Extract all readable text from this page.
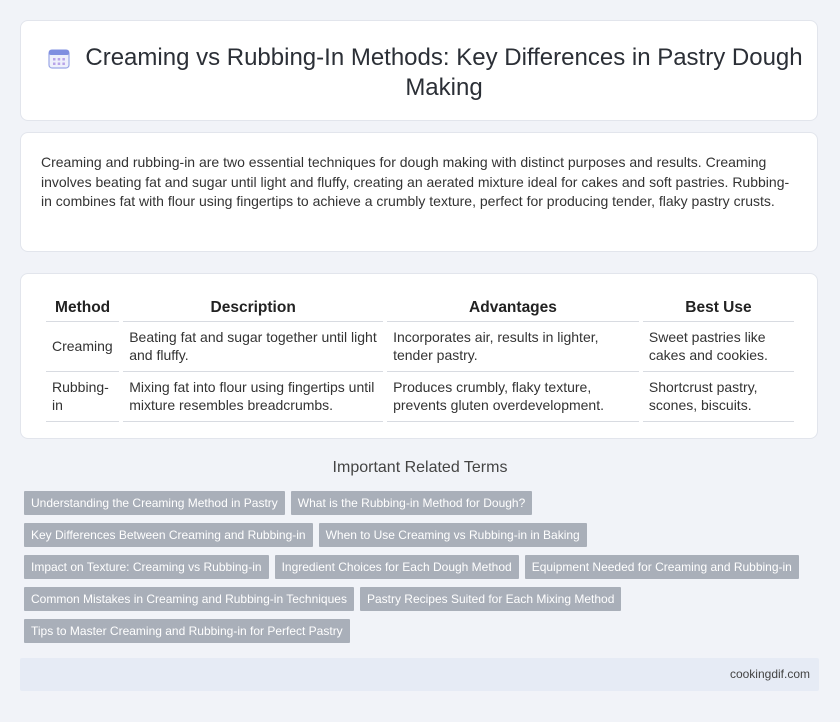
Creaming vs Rubbing-In Methods: Key Differences in Pastry Dough Making

Creaming and rubbing-in are two essential techniques for dough making with distinct purposes and results. Creaming involves beating fat and sugar until light and fluffy, creating an aerated mixture ideal for cakes and soft pastries. Rubbing-in combines fat with flour using fingertips to achieve a crumbly texture, perfect for producing tender, flaky pastry crusts.

Method	Description	Advantages	Best Use
Creaming	Beating fat and sugar together until light and fluffy.	Incorporates air, results in lighter, tender pastry.	Sweet pastries like cakes and cookies.
Rubbing-in	Mixing fat into flour using fingertips until mixture resembles breadcrumbs.	Produces crumbly, flaky texture, prevents gluten overdevelopment.	Shortcrust pastry, scones, biscuits.
Important Related Terms
Understanding the Creaming Method in Pastry	What is the Rubbing-in Method for Dough?
Key Differences Between Creaming and Rubbing-in	When to Use Creaming vs Rubbing-in in Baking
Impact on Texture: Creaming vs Rubbing-in	Ingredient Choices for Each Dough Method	Equipment Needed for Creaming and Rubbing-in
Common Mistakes in Creaming and Rubbing-in Techniques	Pastry Recipes Suited for Each Mixing Method
Tips to Master Creaming and Rubbing-in for Perfect Pastry
cookingdif.com
